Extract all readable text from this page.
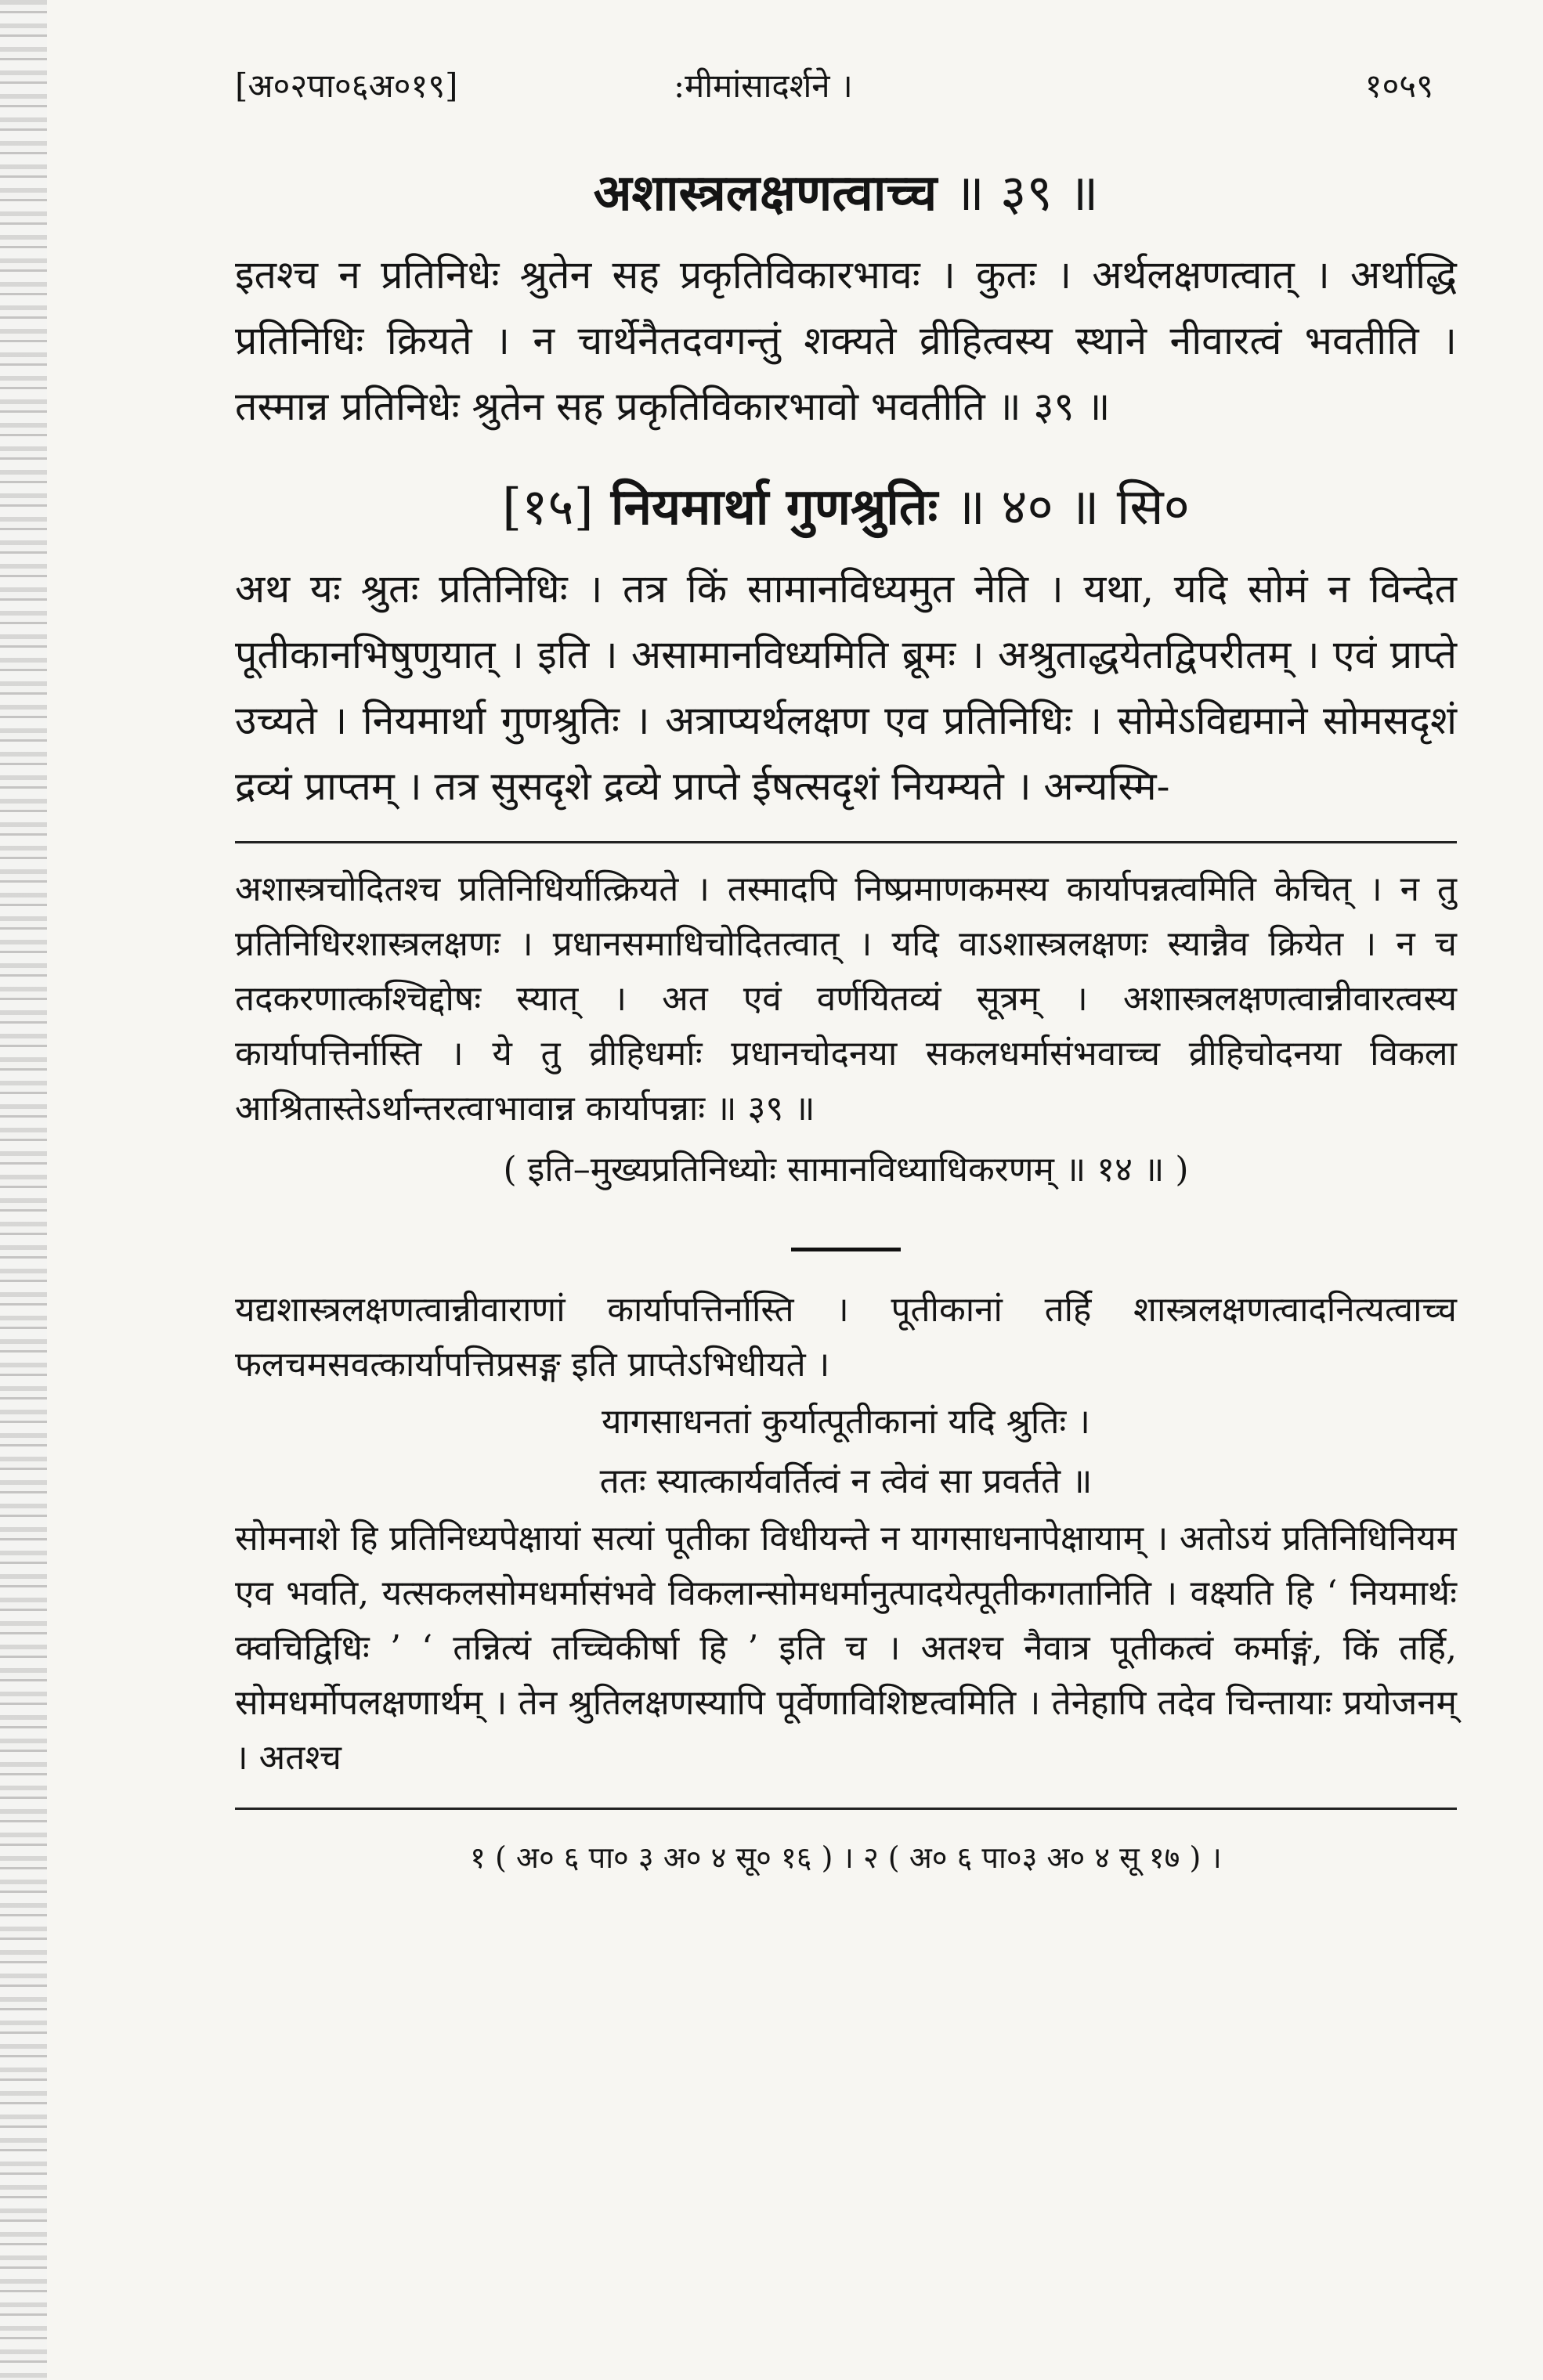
[अ०२पा०६अ०१९]	:मीमांसादर्शने ।	१०५९
अशास्त्रलक्षणत्वाच्च ॥ ३९ ॥

इतश्च न प्रतिनिधेः श्रुतेन सह प्रकृतिविकारभावः । कुतः । अर्थलक्षणत्वात् । अर्थाद्धि प्रतिनिधिः क्रियते । न चार्थेनैतदवगन्तुं शक्यते व्रीहित्वस्य स्थाने नीवारत्वं भवतीति । तस्मान्न प्रतिनिधेः श्रुतेन सह प्रकृतिविकारभावो भवतीति ॥ ३९ ॥

[१५] नियमार्था गुणश्रुतिः ॥ ४० ॥ सि०

अथ यः श्रुतः प्रतिनिधिः । तत्र किं सामानविध्यमुत नेति । यथा, यदि सोमं न विन्देत पूतीकानभिषुणुयात् । इति । असामानविध्यमिति ब्रूमः । अश्रुताद्धयेतद्विपरीतम् । एवं प्राप्ते उच्यते । नियमार्था गुणश्रुतिः । अत्राप्यर्थलक्षण एव प्रतिनिधिः । सोमेऽविद्यमाने सोमसदृशं द्रव्यं प्राप्तम् । तत्र सुसदृशे द्रव्ये प्राप्ते ईषत्सदृशं नियम्यते । अन्यस्मि-

अशास्त्रचोदितश्च प्रतिनिधिर्यात्क्रियते । तस्मादपि निष्प्रमाणकमस्य कार्यापन्नत्वमिति केचित् । न तु प्रतिनिधिरशास्त्रलक्षणः । प्रधानसमाधिचोदितत्वात् । यदि वाऽशास्त्रलक्षणः स्यान्नैव क्रियेत । न च तदकरणात्कश्चिद्दोषः स्यात् । अत एवं वर्णयितव्यं सूत्रम् । अशास्त्रलक्षणत्वान्नीवारत्वस्य कार्यापत्तिर्नास्ति । ये तु व्रीहिधर्माः प्रधानचोदनया सकलधर्मासंभवाच्च व्रीहिचोदनया विकला आश्रितास्तेऽर्थान्तरत्वाभावान्न कार्यापन्नाः ॥ ३९ ॥

( इति–मुख्यप्रतिनिध्योः सामानविध्याधिकरणम् ॥ १४ ॥ )

यद्यशास्त्रलक्षणत्वान्नीवाराणां कार्यापत्तिर्नास्ति । पूतीकानां तर्हि शास्त्रलक्षणत्वादनित्यत्वाच्च फलचमसवत्कार्यापत्तिप्रसङ्ग इति प्राप्तेऽभिधीयते ।

यागसाधनतां कुर्यात्पूतीकानां यदि श्रुतिः ।
ततः स्यात्कार्यवर्तित्वं न त्वेवं सा प्रवर्तते ॥

सोमनाशे हि प्रतिनिध्यपेक्षायां सत्यां पूतीका विधीयन्ते न यागसाधनापेक्षायाम् । अतोऽयं प्रतिनिधिनियम एव भवति, यत्सकलसोमधर्मासंभवे विकलान्सोमधर्मानुत्पादयेत्पूतीकगतानिति । वक्ष्यति हि ‘ नियमार्थः क्वचिद्विधिः ’ ‘ तन्नित्यं तच्चिकीर्षा हि ’ इति च । अतश्च नैवात्र पूतीकत्वं कर्माङ्गं, किं तर्हि, सोमधर्मोपलक्षणार्थम् । तेन श्रुतिलक्षणस्यापि पूर्वेणाविशिष्टत्वमिति । तेनेहापि तदेव चिन्तायाः प्रयोजनम् । अतश्च

१ ( अ० ६ पा० ३ अ० ४ सू० १६ ) । २ ( अ० ६ पा०३ अ० ४ सू १७ ) ।
